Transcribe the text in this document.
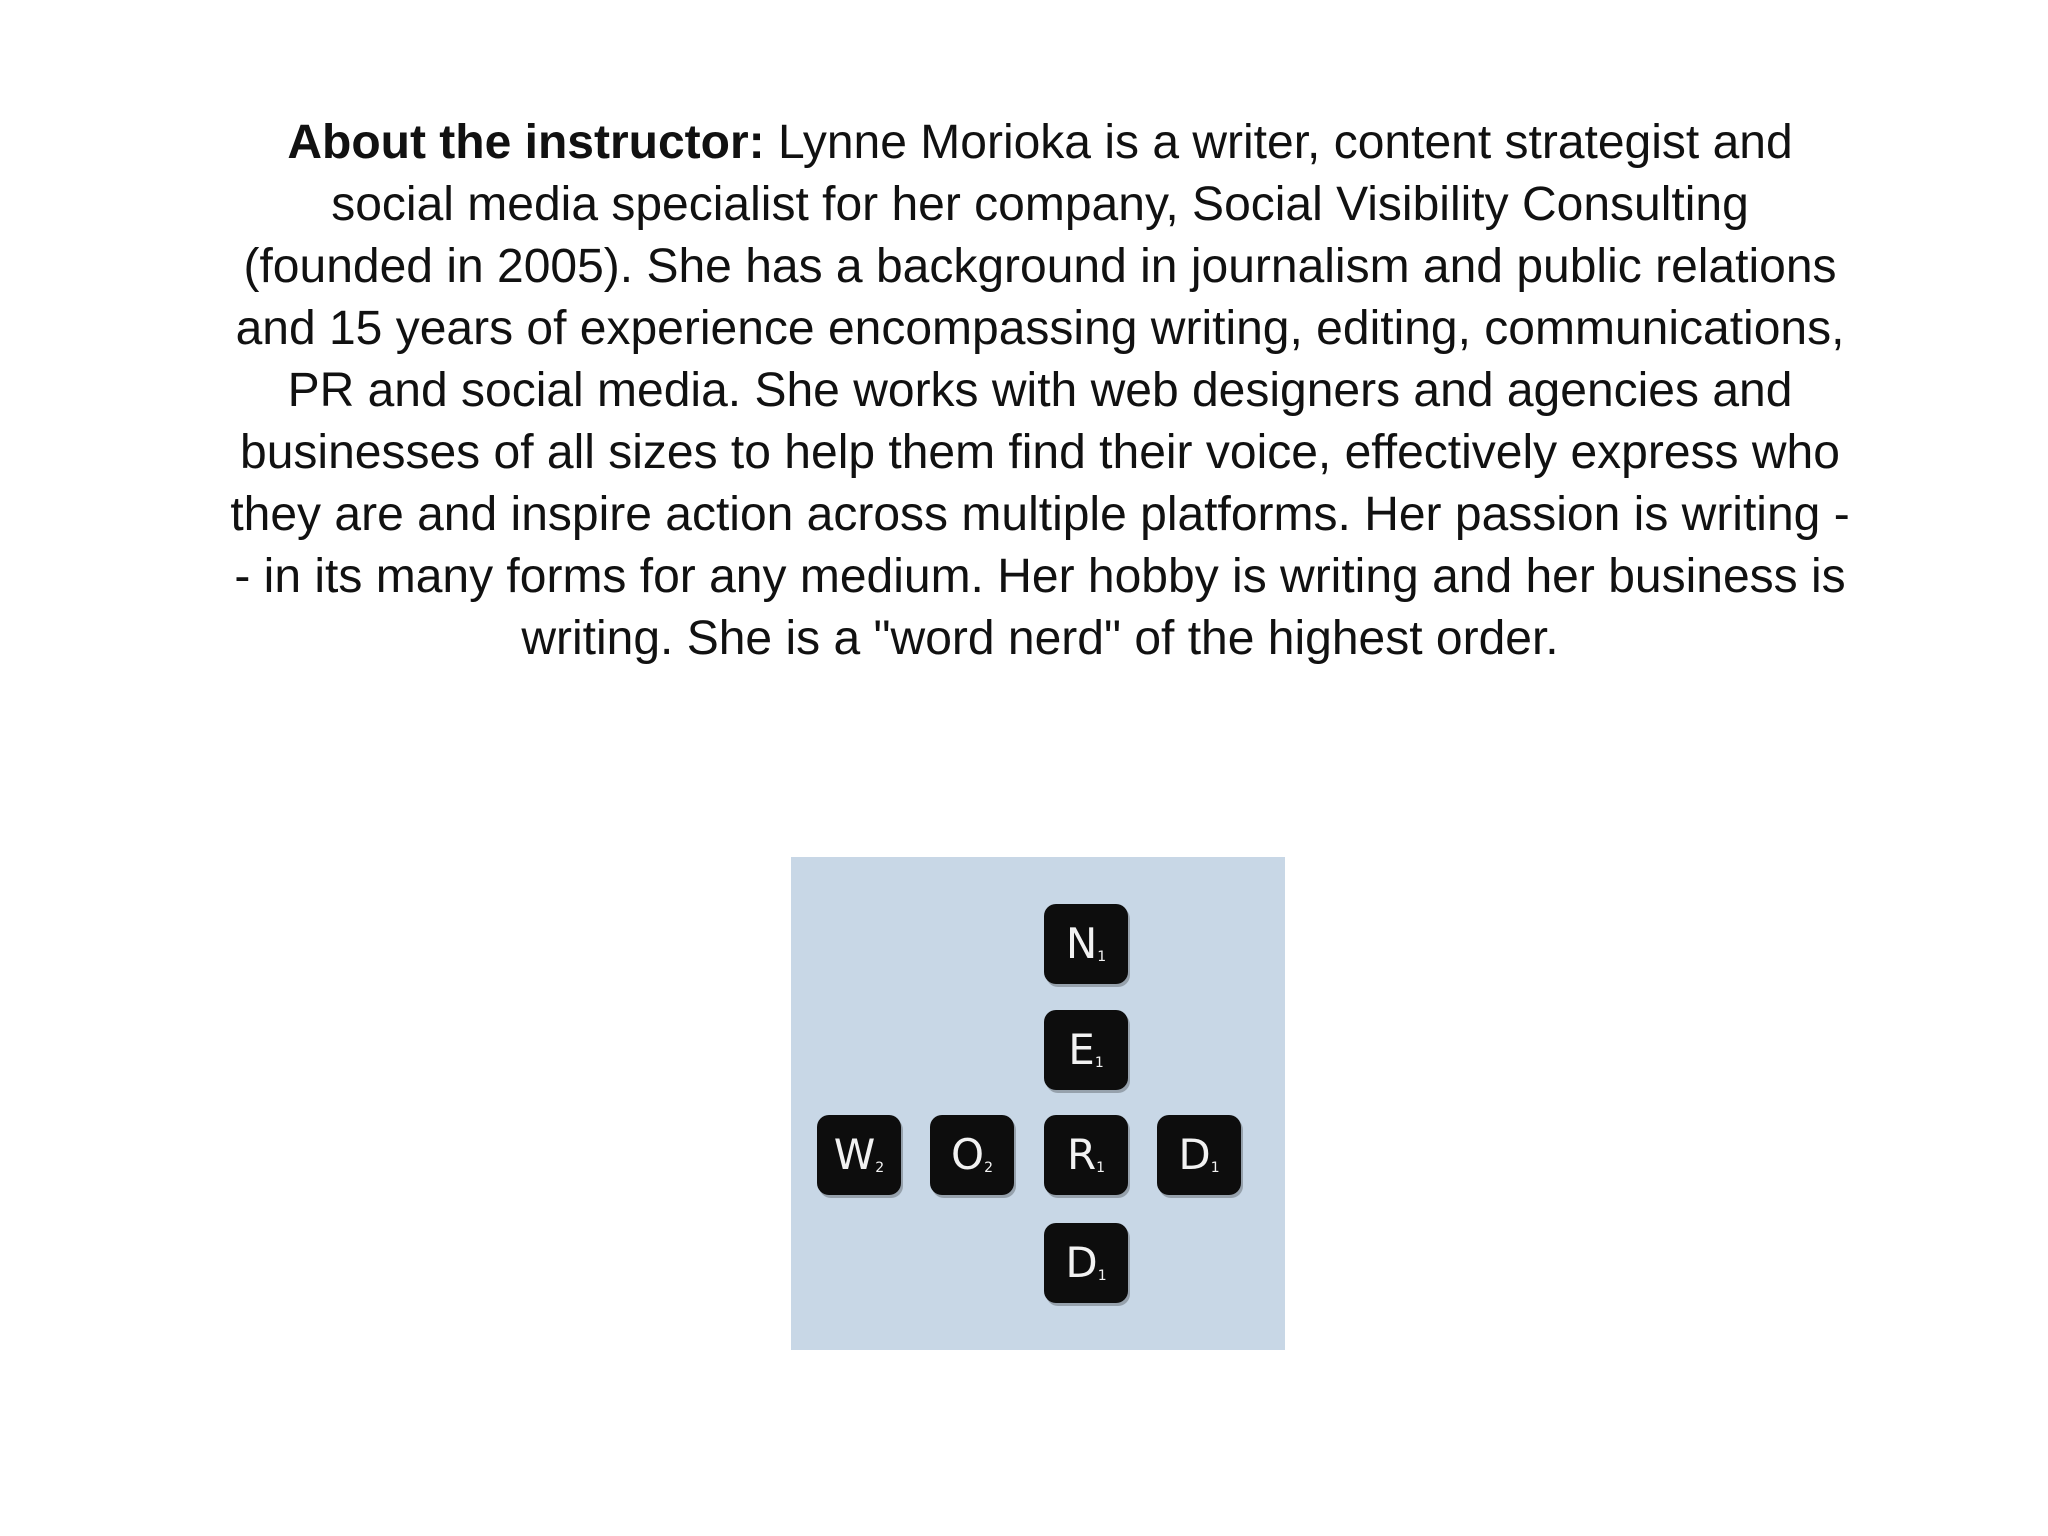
About the instructor: Lynne Morioka is a writer, content strategist and social media specialist for her company, Social Visibility Consulting (founded in 2005). She has a background in journalism and public relations and 15 years of experience encompassing writing, editing, communications, PR and social media. She works with web designers and agencies and businesses of all sizes to help them find their voice, effectively express who they are and inspire action across multiple platforms. Her passion is writing -- in its many forms for any medium. Her hobby is writing and her business is writing. She is a "word nerd" of the highest order.

N 1
E 1
W 2 O 2 R 1 D 1
D 1
